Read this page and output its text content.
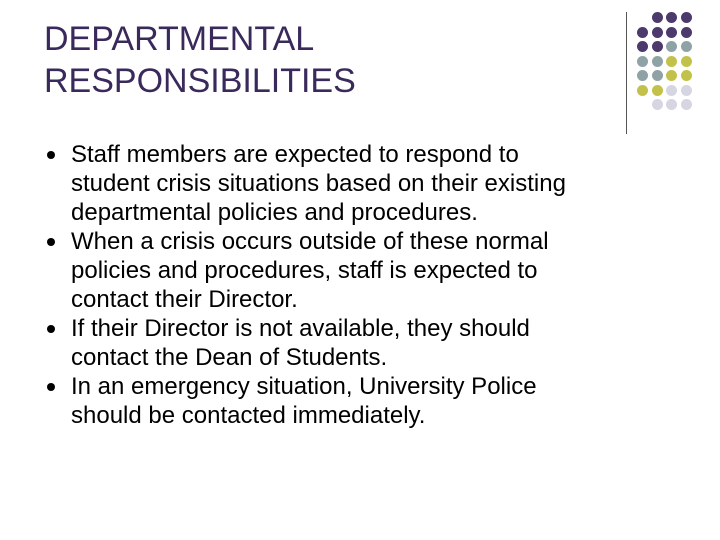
DEPARTMENTAL
RESPONSIBILITIES
Staff members are expected to respond to
student crisis situations based on their existing
departmental policies and procedures.
When a crisis occurs outside of these normal
policies and procedures, staff is expected to
contact their Director.
If their Director is not available, they should
contact the Dean of Students.
In an emergency situation, University Police
should be contacted immediately.
